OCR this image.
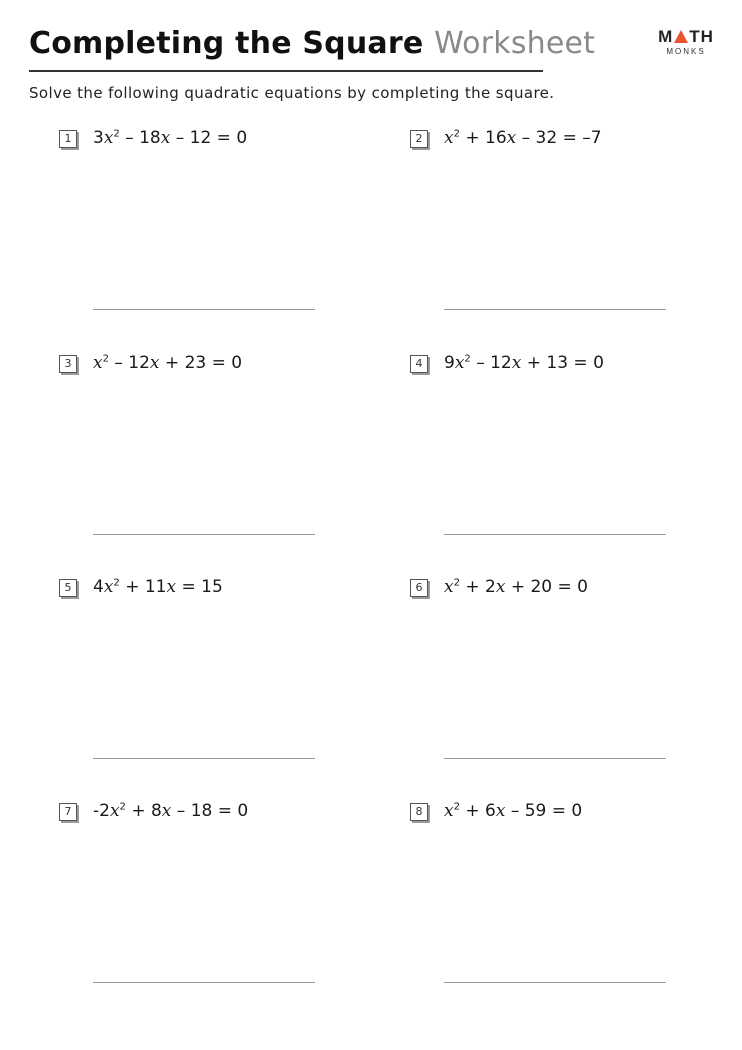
Completing the Square Worksheet	M TH
MONKS
Solve the following quadratic equations by completing the square.
1	$3x^2 - 18x - 12 = 0$	2	$x^2 + 16x - 32 = -7$
3	$x^2 - 12x + 23 = 0$	4	$9x^2 - 12x + 13 = 0$
5	$4x^2 + 11x = 15$	6	$x^2 + 2x + 20 = 0$
7	$-2x^2 + 8x - 18 = 0$	8	$x^2 + 6x - 59 = 0$
